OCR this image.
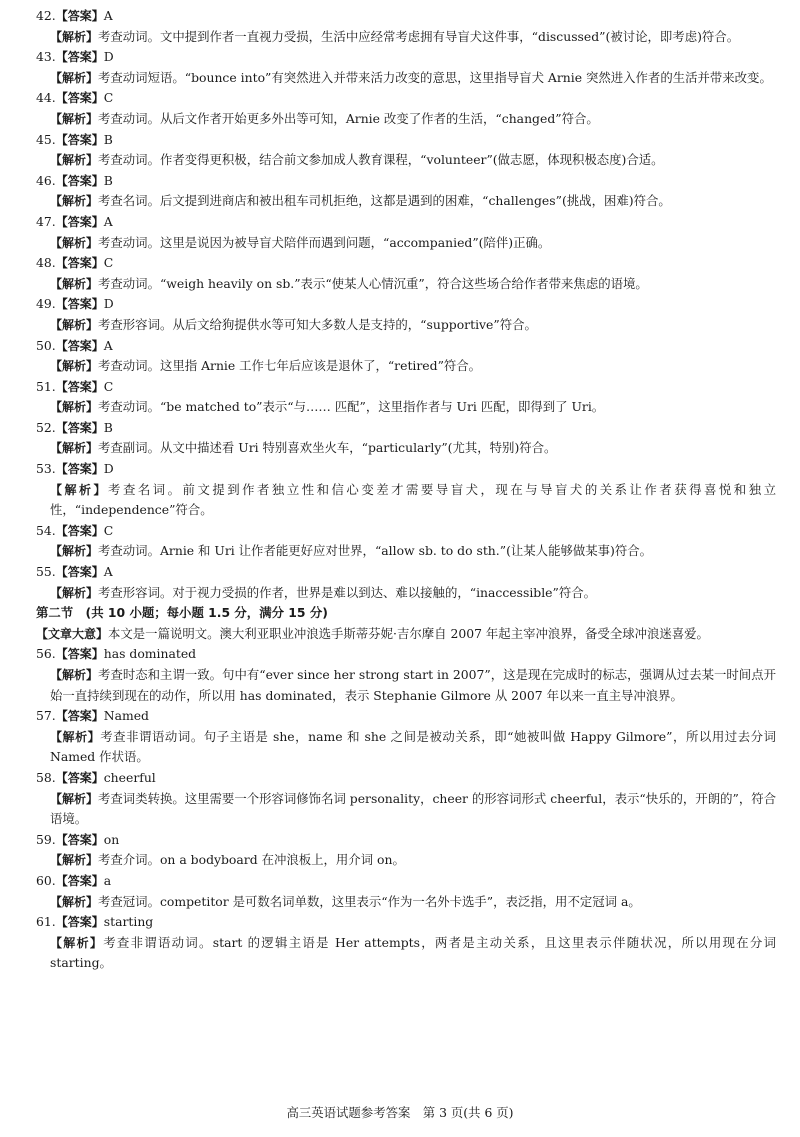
42.【答案】A
【解析】考查动词。文中提到作者一直视力受损，生活中应经常考虑拥有导盲犬这件事，“discussed”(被讨论，即考虑)符合。
43.【答案】D
【解析】考查动词短语。“bounce into”有突然进入并带来活力改变的意思，这里指导盲犬 Arnie 突然进入作者的生活并带来改变。
44.【答案】C
【解析】考查动词。从后文作者开始更多外出等可知，Arnie 改变了作者的生活，“changed”符合。
45.【答案】B
【解析】考查动词。作者变得更积极，结合前文参加成人教育课程，“volunteer”(做志愿，体现积极态度)合适。
46.【答案】B
【解析】考查名词。后文提到进商店和被出租车司机拒绝，这都是遇到的困难，“challenges”(挑战，困难)符合。
47.【答案】A
【解析】考查动词。这里是说因为被导盲犬陪伴而遇到问题，“accompanied”(陪伴)正确。
48.【答案】C
【解析】考查动词。“weigh heavily on sb.”表示“使某人心情沉重”，符合这些场合给作者带来焦虑的语境。
49.【答案】D
【解析】考查形容词。从后文给狗提供水等可知大多数人是支持的，“supportive”符合。
50.【答案】A
【解析】考查动词。这里指 Arnie 工作七年后应该是退休了，“retired”符合。
51.【答案】C
【解析】考查动词。“be matched to”表示“与…… 匹配”，这里指作者与 Uri 匹配，即得到了 Uri。
52.【答案】B
【解析】考查副词。从文中描述看 Uri 特别喜欢坐火车，“particularly”(尤其，特别)符合。
53.【答案】D
【解析】考查名词。前文提到作者独立性和信心变差才需要导盲犬，现在与导盲犬的关系让作者获得喜悦和独立性，“independence”符合。
54.【答案】C
【解析】考查动词。Arnie 和 Uri 让作者能更好应对世界，“allow sb. to do sth.”(让某人能够做某事)符合。
55.【答案】A
【解析】考查形容词。对于视力受损的作者，世界是难以到达、难以接触的，“inaccessible”符合。
第二节　(共 10 小题；每小题 1.5 分，满分 15 分)
【文章大意】本文是一篇说明文。澳大利亚职业冲浪选手斯蒂芬妮·吉尔摩自 2007 年起主宰冲浪界，备受全球冲浪迷喜爱。
56.【答案】has dominated
【解析】考查时态和主谓一致。句中有“ever since her strong start in 2007”，这是现在完成时的标志，强调从过去某一时间点开始一直持续到现在的动作，所以用 has dominated，表示 Stephanie Gilmore 从 2007 年以来一直主导冲浪界。
57.【答案】Named
【解析】考查非谓语动词。句子主语是 she，name 和 she 之间是被动关系，即“她被叫做 Happy Gilmore”，所以用过去分词 Named 作状语。
58.【答案】cheerful
【解析】考查词类转换。这里需要一个形容词修饰名词 personality，cheer 的形容词形式 cheerful，表示“快乐的，开朗的”，符合语境。
59.【答案】on
【解析】考查介词。on a bodyboard 在冲浪板上，用介词 on。
60.【答案】a
【解析】考查冠词。competitor 是可数名词单数，这里表示“作为一名外卡选手”，表泛指，用不定冠词 a。
61.【答案】starting
【解析】考查非谓语动词。start 的逻辑主语是 Her attempts，两者是主动关系，且这里表示伴随状况，所以用现在分词 starting。
高三英语试题参考答案　第 3 页(共 6 页)
